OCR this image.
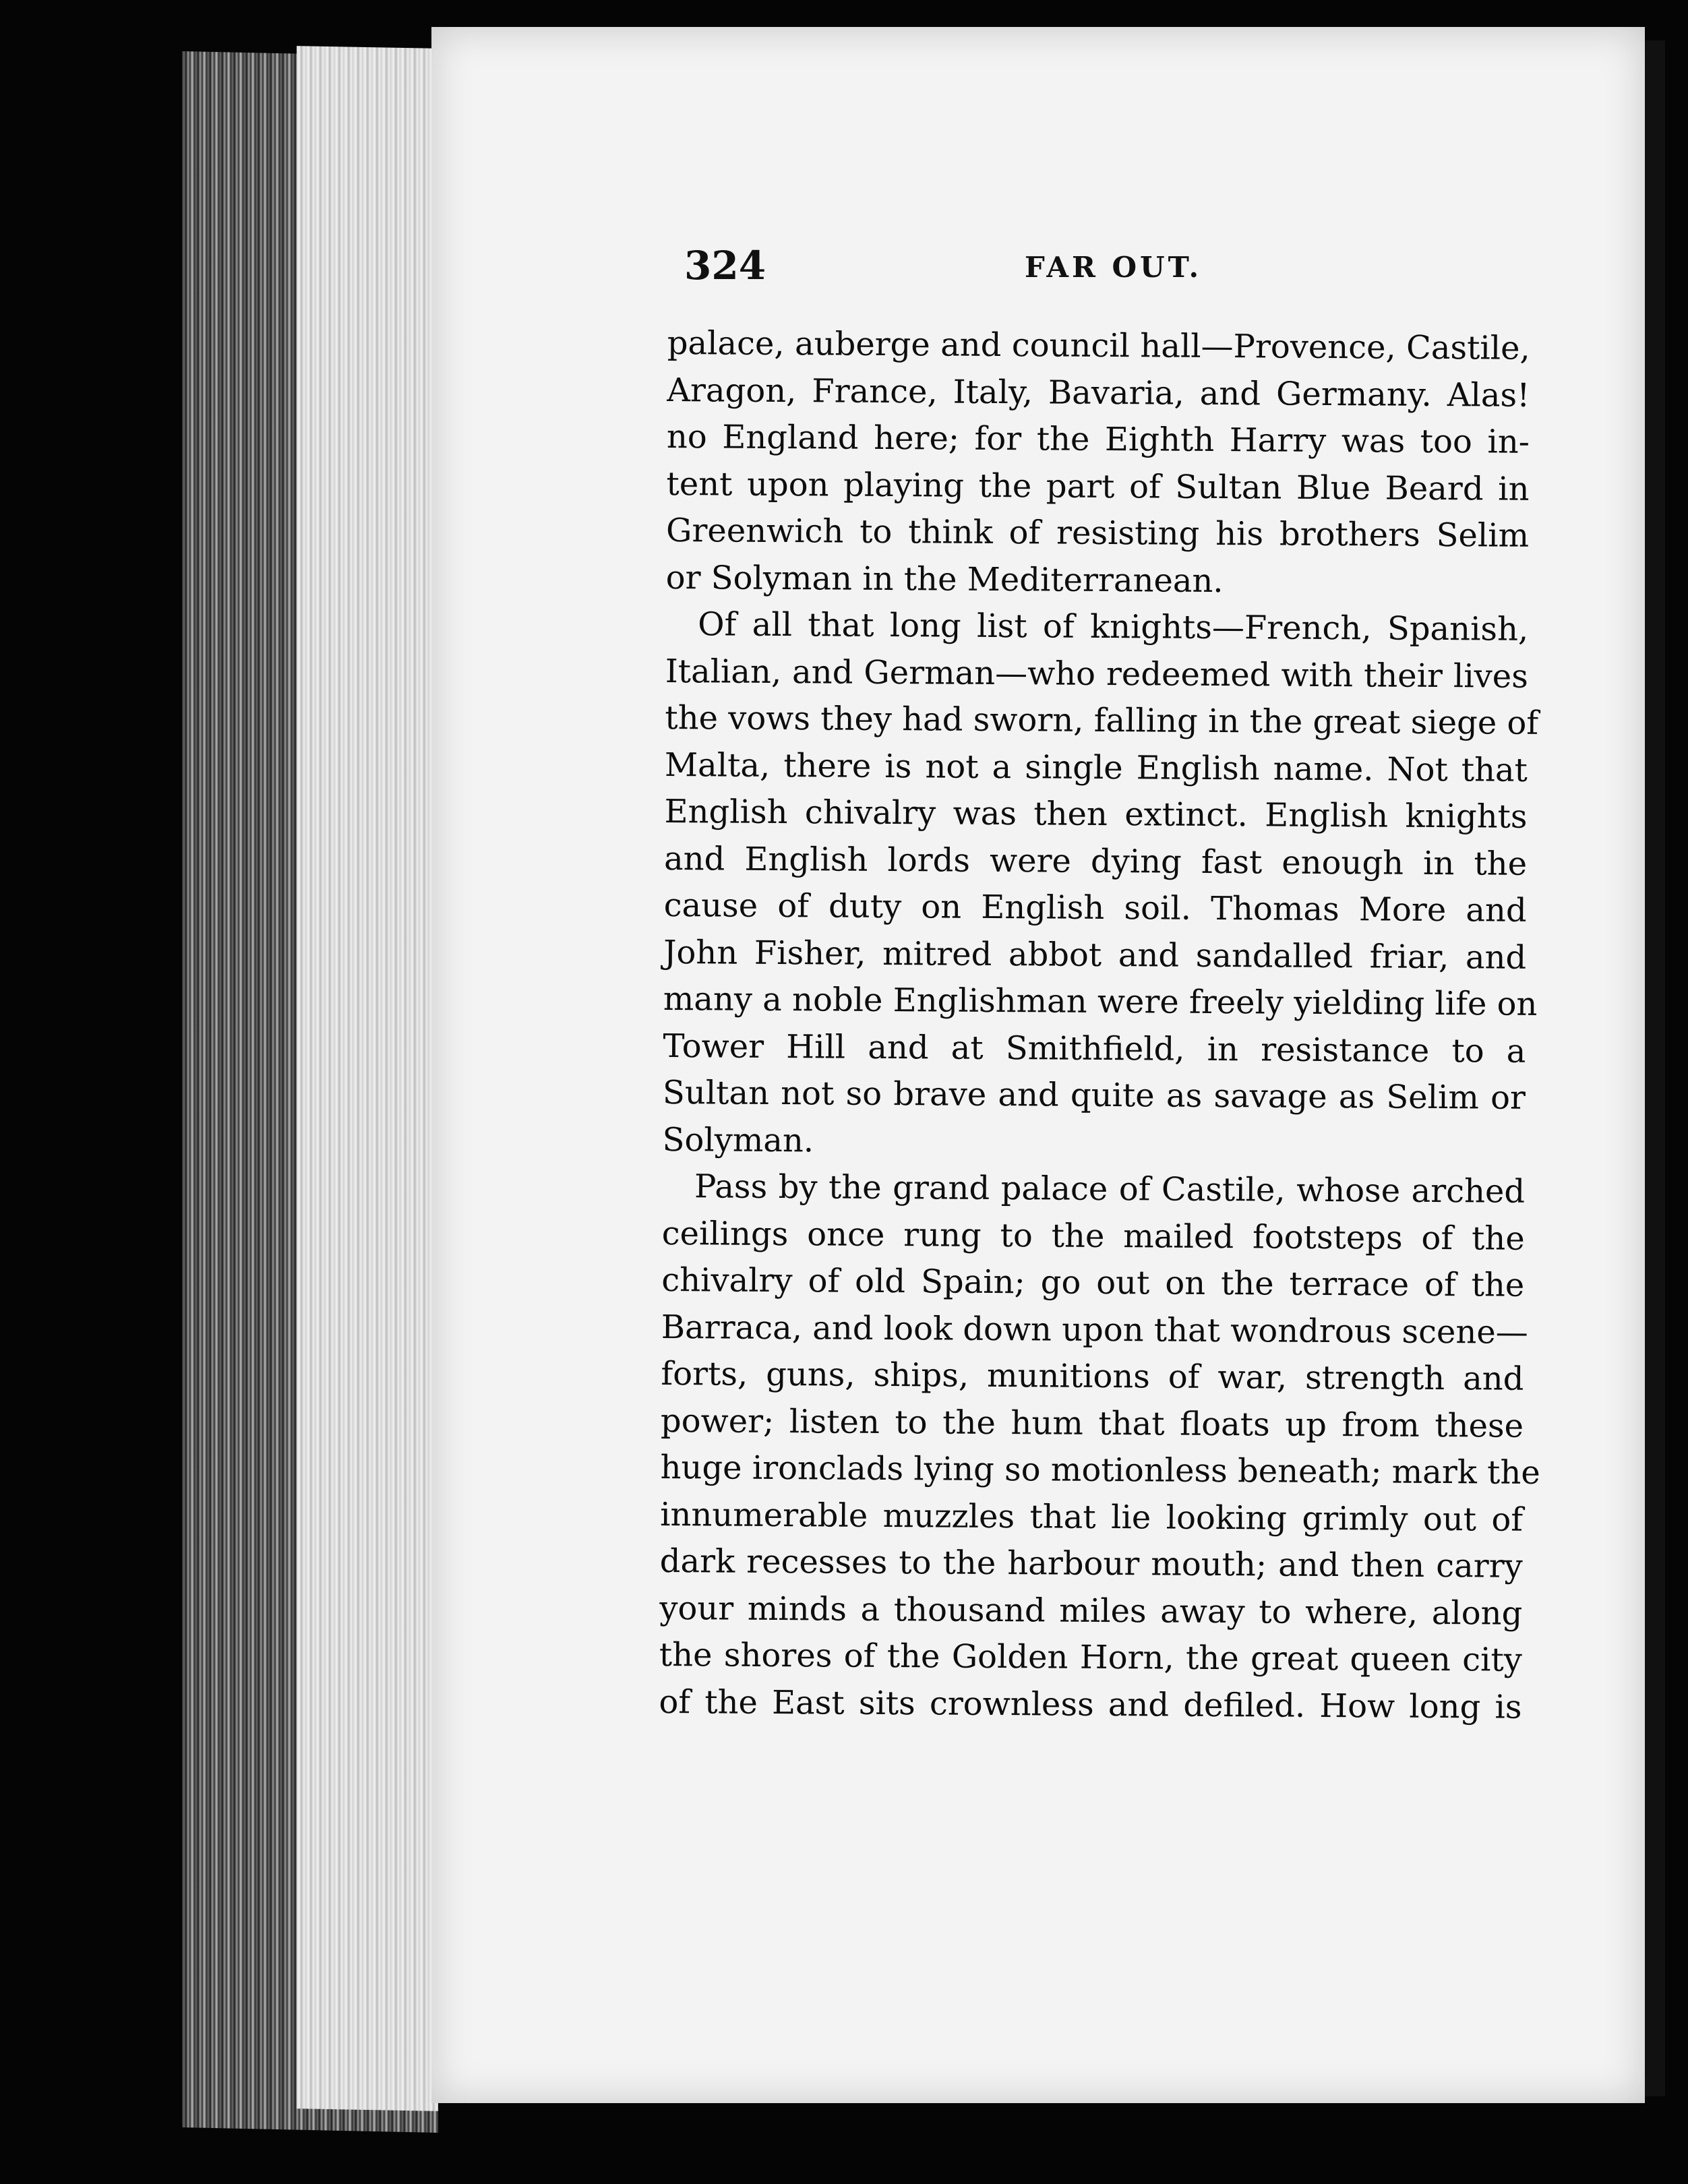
324	FAR OUT.
palace, auberge and council hall—Provence, Castile,
Aragon, France, Italy, Bavaria, and Germany. Alas!
no England here; for the Eighth Harry was too in-
tent upon playing the part of Sultan Blue Beard in
Greenwich to think of resisting his brothers Selim
or Solyman in the Mediterranean.
Of all that long list of knights—French, Spanish,
Italian, and German—who redeemed with their lives
the vows they had sworn, falling in the great siege of
Malta, there is not a single English name. Not that
English chivalry was then extinct. English knights
and English lords were dying fast enough in the
cause of duty on English soil. Thomas More and
John Fisher, mitred abbot and sandalled friar, and
many a noble Englishman were freely yielding life on
Tower Hill and at Smithfield, in resistance to a
Sultan not so brave and quite as savage as Selim or
Solyman.
Pass by the grand palace of Castile, whose arched
ceilings once rung to the mailed footsteps of the
chivalry of old Spain; go out on the terrace of the
Barraca, and look down upon that wondrous scene—
forts, guns, ships, munitions of war, strength and
power; listen to the hum that floats up from these
huge ironclads lying so motionless beneath; mark the
innumerable muzzles that lie looking grimly out of
dark recesses to the harbour mouth; and then carry
your minds a thousand miles away to where, along
the shores of the Golden Horn, the great queen city
of the East sits crownless and defiled. How long is
